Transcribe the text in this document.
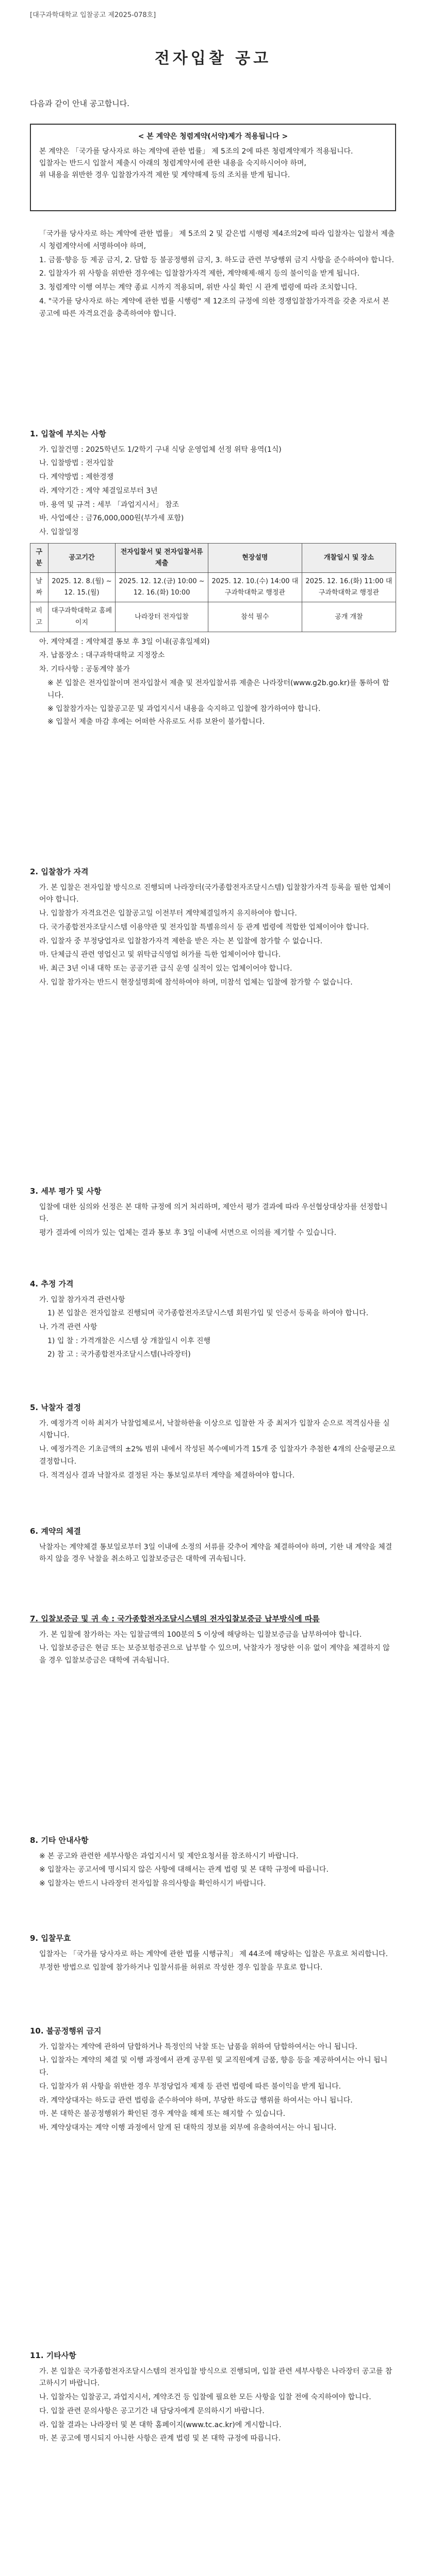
[대구과학대학교 입찰공고 제2025-078호]
전자입찰 공고
다음과 같이 안내 공고합니다.
< 본 계약은 청렴계약(서약)제가 적용됩니다 >
본 계약은 「국가를 당사자로 하는 계약에 관한 법률」 제 5조의 2에 따른 청렴계약제가 적용됩니다.
입찰자는 반드시 입찰서 제출시 아래의 청렴계약서에 관한 내용을 숙지하시어야 하며,
위 내용을 위반한 경우 입찰참가자격 제한 및 계약해제 등의 조치를 받게 됩니다.
「국가를 당사자로 하는 계약에 관한 법률」 제 5조의 2 및 같은법 시행령 제4조의2에 따라 입찰자는 입찰서 제출 시 청렴계약서에 서명하여야 하며,
1. 금품·향응 등 제공 금지, 2. 담합 등 불공정행위 금지, 3. 하도급 관련 부당행위 금지 사항을 준수하여야 합니다.
2. 입찰자가 위 사항을 위반한 경우에는 입찰참가자격 제한, 계약해제·해지 등의 불이익을 받게 됩니다.
3. 청렴계약 이행 여부는 계약 종료 시까지 적용되며, 위반 사실 확인 시 관계 법령에 따라 조치합니다.
4. "국가를 당사자로 하는 계약에 관한 법률 시행령" 제 12조의 규정에 의한 경쟁입찰참가자격을 갖춘 자로서 본 공고에 따른 자격요건을 충족하여야 합니다.
1. 입찰에 부치는 사항
가. 입찰건명 : 2025학년도 1/2학기 구내 식당 운영업체 선정 위탁 용역(1식)
나. 입찰방법 : 전자입찰
다. 계약방법 : 제한경쟁
라. 계약기간 : 계약 체결일로부터 3년
마. 용역 및 규격 : 세부 「과업지시서」 참조
바. 사업예산 : 금76,000,000원(부가세 포함)
사. 입찰일정
구 분	공고기간	전자입찰서 및 전자입찰서류제출	현장설명	개찰일시 및 장소
날 짜	2025. 12. 8.(월) ~ 12. 15.(월)	2025. 12. 12.(금) 10:00 ~ 12. 16.(화) 10:00	2025. 12. 10.(수) 14:00 대구과학대학교 행정관	2025. 12. 16.(화) 11:00 대구과학대학교 행정관
비 고	대구과학대학교 홈페이지	나라장터 전자입찰	참석 필수	공개 개찰
아. 계약체결 : 계약체결 통보 후 3일 이내(공휴일제외)
자. 납품장소 : 대구과학대학교 지정장소
차. 기타사항 : 공동계약 불가
※ 본 입찰은 전자입찰이며 전자입찰서 제출 및 전자입찰서류 제출은 나라장터(www.g2b.go.kr)를 통하여 합니다.
※ 입찰참가자는 입찰공고문 및 과업지시서 내용을 숙지하고 입찰에 참가하여야 합니다.
※ 입찰서 제출 마감 후에는 어떠한 사유로도 서류 보완이 불가합니다.
2. 입찰참가 자격
가. 본 입찰은 전자입찰 방식으로 진행되며 나라장터(국가종합전자조달시스템) 입찰참가자격 등록을 필한 업체이어야 합니다.
나. 입찰참가 자격요건은 입찰공고일 이전부터 계약체결일까지 유지하여야 합니다.
다. 국가종합전자조달시스템 이용약관 및 전자입찰 특별유의서 등 관계 법령에 적합한 업체이어야 합니다.
라. 입찰자 중 부정당업자로 입찰참가자격 제한을 받은 자는 본 입찰에 참가할 수 없습니다.
마. 단체급식 관련 영업신고 및 위탁급식영업 허가를 득한 업체이어야 합니다.
바. 최근 3년 이내 대학 또는 공공기관 급식 운영 실적이 있는 업체이어야 합니다.
사. 입찰 참가자는 반드시 현장설명회에 참석하여야 하며, 미참석 업체는 입찰에 참가할 수 없습니다.
3. 세부 평가 및 사항
입찰에 대한 심의와 선정은 본 대학 규정에 의거 처리하며, 제안서 평가 결과에 따라 우선협상대상자를 선정합니다.
평가 결과에 이의가 있는 업체는 결과 통보 후 3일 이내에 서면으로 이의를 제기할 수 있습니다.
4. 추정 가격
가. 입찰 참가자격 관련사항
1) 본 입찰은 전자입찰로 진행되며 국가종합전자조달시스템 회원가입 및 인증서 등록을 하여야 합니다.
나. 가격 관련 사항
1) 입 찰 : 가격개찰은 시스템 상 개찰일시 이후 진행
2) 참 고 : 국가종합전자조달시스템(나라장터)
5. 낙찰자 결정
가. 예정가격 이하 최저가 낙찰업체로서, 낙찰하한율 이상으로 입찰한 자 중 최저가 입찰자 순으로 적격심사를 실시합니다.
나. 예정가격은 기초금액의 ±2% 범위 내에서 작성된 복수예비가격 15개 중 입찰자가 추첨한 4개의 산술평균으로 결정합니다.
다. 적격심사 결과 낙찰자로 결정된 자는 통보일로부터 계약을 체결하여야 합니다.
6. 계약의 체결
낙찰자는 계약체결 통보일로부터 3일 이내에 소정의 서류를 갖추어 계약을 체결하여야 하며, 기한 내 계약을 체결하지 않을 경우 낙찰을 취소하고 입찰보증금은 대학에 귀속됩니다.
7. 입찰보증금 및 귀 속 : 국가종합전자조달시스템의 전자입찰보증금 납부방식에 따름
가. 본 입찰에 참가하는 자는 입찰금액의 100분의 5 이상에 해당하는 입찰보증금을 납부하여야 합니다.
나. 입찰보증금은 현금 또는 보증보험증권으로 납부할 수 있으며, 낙찰자가 정당한 이유 없이 계약을 체결하지 않을 경우 입찰보증금은 대학에 귀속됩니다.
8. 기타 안내사항
※ 본 공고와 관련한 세부사항은 과업지시서 및 제안요청서를 참조하시기 바랍니다.
※ 입찰자는 공고서에 명시되지 않은 사항에 대해서는 관계 법령 및 본 대학 규정에 따릅니다.
※ 입찰자는 반드시 나라장터 전자입찰 유의사항을 확인하시기 바랍니다.
9. 입찰무효
입찰자는 「국가를 당사자로 하는 계약에 관한 법률 시행규칙」 제 44조에 해당하는 입찰은 무효로 처리합니다.
부정한 방법으로 입찰에 참가하거나 입찰서류를 허위로 작성한 경우 입찰을 무효로 합니다.
10. 불공정행위 금지
가. 입찰자는 계약에 관하여 담합하거나 특정인의 낙찰 또는 납품을 위하여 담합하여서는 아니 됩니다.
나. 입찰자는 계약의 체결 및 이행 과정에서 관계 공무원 및 교직원에게 금품, 향응 등을 제공하여서는 아니 됩니다.
다. 입찰자가 위 사항을 위반한 경우 부정당업자 제재 등 관련 법령에 따른 불이익을 받게 됩니다.
라. 계약상대자는 하도급 관련 법령을 준수하여야 하며, 부당한 하도급 행위를 하여서는 아니 됩니다.
마. 본 대학은 불공정행위가 확인된 경우 계약을 해제 또는 해지할 수 있습니다.
바. 계약상대자는 계약 이행 과정에서 알게 된 대학의 정보를 외부에 유출하여서는 아니 됩니다.
11. 기타사항
가. 본 입찰은 국가종합전자조달시스템의 전자입찰 방식으로 진행되며, 입찰 관련 세부사항은 나라장터 공고를 참고하시기 바랍니다.
나. 입찰자는 입찰공고, 과업지시서, 계약조건 등 입찰에 필요한 모든 사항을 입찰 전에 숙지하여야 합니다.
다. 입찰 관련 문의사항은 공고기간 내 담당자에게 문의하시기 바랍니다.
라. 입찰 결과는 나라장터 및 본 대학 홈페이지(www.tc.ac.kr)에 게시합니다.
마. 본 공고에 명시되지 아니한 사항은 관계 법령 및 본 대학 규정에 따릅니다.
